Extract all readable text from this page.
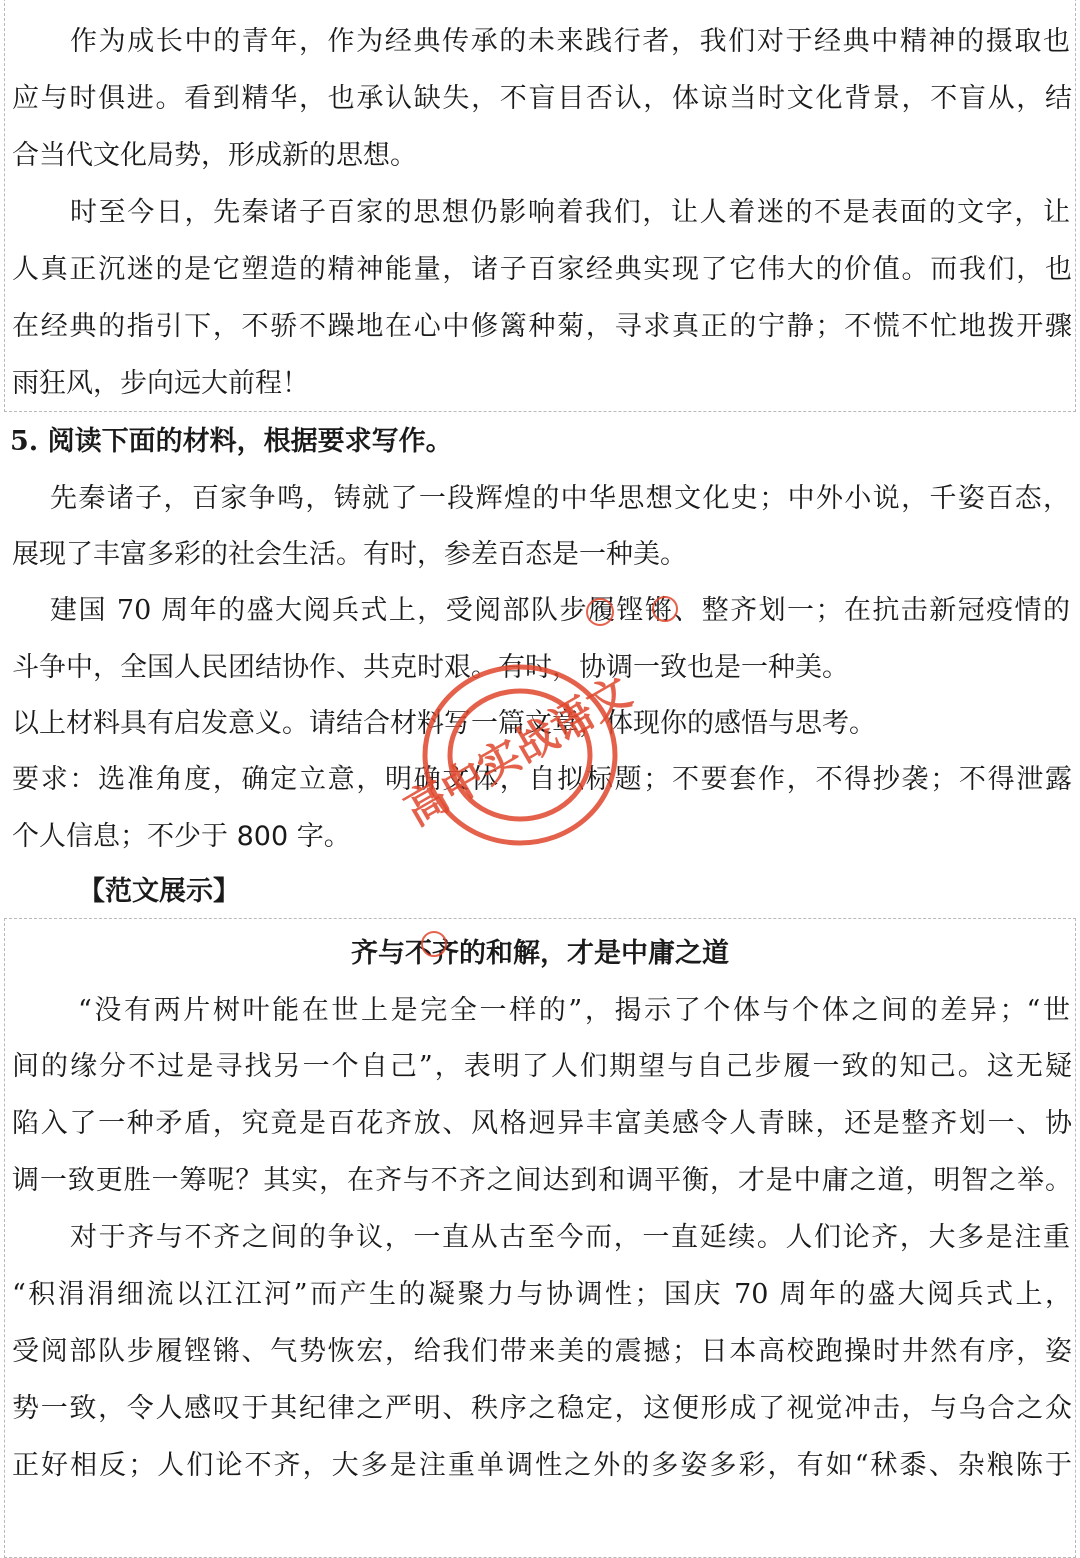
作为成长中的青年，作为经典传承的未来践行者，我们对于经典中精神的摄取也
应与时俱进。看到精华，也承认缺失，不盲目否认，体谅当时文化背景，不盲从，结
合当代文化局势，形成新的思想。
时至今日，先秦诸子百家的思想仍影响着我们，让人着迷的不是表面的文字，让
人真正沉迷的是它塑造的精神能量，诸子百家经典实现了它伟大的价值。而我们，也
在经典的指引下，不骄不躁地在心中修篱种菊，寻求真正的宁静；不慌不忙地拨开骤
雨狂风，步向远大前程！
5. 阅读下面的材料，根据要求写作。
先秦诸子，百家争鸣，铸就了一段辉煌的中华思想文化史；中外小说，千姿百态，
展现了丰富多彩的社会生活。有时，参差百态是一种美。
建国 70 周年的盛大阅兵式上，受阅部队步履铿锵、整齐划一；在抗击新冠疫情的
斗争中，全国人民团结协作、共克时艰。有时，协调一致也是一种美。
以上材料具有启发意义。请结合材料写一篇文章，体现你的感悟与思考。
要求：选准角度，确定立意，明确文体，自拟标题；不要套作，不得抄袭；不得泄露
个人信息；不少于 800 字。
【范文展示】
齐与不齐的和解，才是中庸之道
“没有两片树叶能在世上是完全一样的”，揭示了个体与个体之间的差异；“世
间的缘分不过是寻找另一个自己”，表明了人们期望与自己步履一致的知己。这无疑
陷入了一种矛盾，究竟是百花齐放、风格迥异丰富美感令人青睐，还是整齐划一、协
调一致更胜一筹呢？其实，在齐与不齐之间达到和调平衡，才是中庸之道，明智之举。
对于齐与不齐之间的争议，一直从古至今而，一直延续。人们论齐，大多是注重
“积涓涓细流以江江河”而产生的凝聚力与协调性；国庆 70 周年的盛大阅兵式上，
受阅部队步履铿锵、气势恢宏，给我们带来美的震撼；日本高校跑操时井然有序，姿
势一致，令人感叹于其纪律之严明、秩序之稳定，这便形成了视觉冲击，与乌合之众
正好相反；人们论不齐，大多是注重单调性之外的多姿多彩，有如“秫黍、杂粮陈于
高中实战语文
